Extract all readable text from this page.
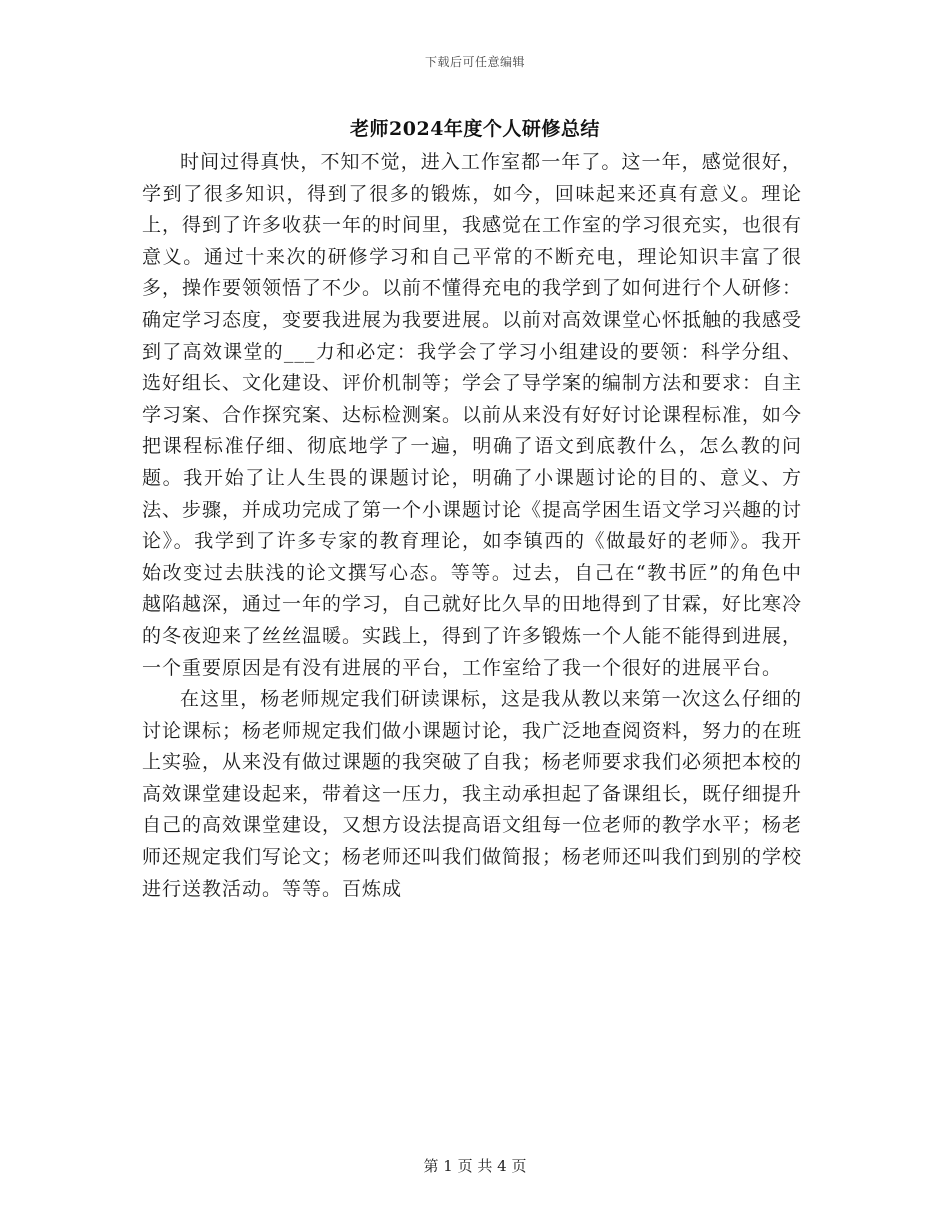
下载后可任意编辑
老师2024年度个人研修总结

时间过得真快，不知不觉，进入工作室都一年了。这一年，感觉很好，学到了很多知识，得到了很多的锻炼，如今，回味起来还真有意义。理论上，得到了许多收获一年的时间里，我感觉在工作室的学习很充实，也很有意义。通过十来次的研修学习和自己平常的不断充电，理论知识丰富了很多，操作要领领悟了不少。以前不懂得充电的我学到了如何进行个人研修：确定学习态度，变要我进展为我要进展。以前对高效课堂心怀抵触的我感受到了高效课堂的___力和必定：我学会了学习小组建设的要领：科学分组、选好组长、文化建设、评价机制等；学会了导学案的编制方法和要求：自主学习案、合作探究案、达标检测案。以前从来没有好好讨论课程标准，如今把课程标准仔细、彻底地学了一遍，明确了语文到底教什么，怎么教的问题。我开始了让人生畏的课题讨论，明确了小课题讨论的目的、意义、方法、步骤，并成功完成了第一个小课题讨论《提高学困生语文学习兴趣的讨论》。我学到了许多专家的教育理论，如李镇西的《做最好的老师》。我开始改变过去肤浅的论文撰写心态。等等。过去，自己在“教书匠”的角色中越陷越深，通过一年的学习，自己就好比久旱的田地得到了甘霖，好比寒冷的冬夜迎来了丝丝温暖。实践上，得到了许多锻炼一个人能不能得到进展，一个重要原因是有没有进展的平台，工作室给了我一个很好的进展平台。

在这里，杨老师规定我们研读课标，这是我从教以来第一次这么仔细的讨论课标；杨老师规定我们做小课题讨论，我广泛地查阅资料，努力的在班上实验，从来没有做过课题的我突破了自我；杨老师要求我们必须把本校的高效课堂建设起来，带着这一压力，我主动承担起了备课组长，既仔细提升自己的高效课堂建设，又想方设法提高语文组每一位老师的教学水平；杨老师还规定我们写论文；杨老师还叫我们做简报；杨老师还叫我们到别的学校进行送教活动。等等。百炼成

第 1 页 共 4 页
